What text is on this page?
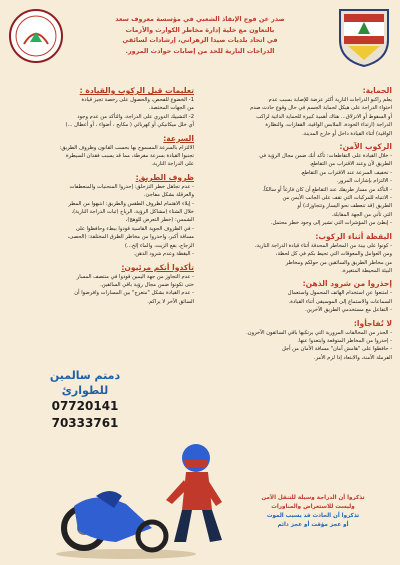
صدر عن فوج الإنقاذ الشعبي في مؤسسة معروف سعد
بالتعاون مع خلية إدارة مخاطر الكوارث والأزمات
في اتحاد بلديات صيدا الزهراني، إرشادات لسائقي
الدراجات النارية للحد من إصابات حوادث المرور.
الحماية:
يعلم راكبو الدراجات النارية أكثر عرضة للإصابة بسبب عدم
احتواء الدراجة على هيكل لحماية الجسم في حال وقوع حادث صدم
أو السقوط أو الانزلاق... هناك أهمية كبيرة للحماية الذاتية لراكب
الدراجة (ارتداء الخوذة، الملابس الواقية، القفازات، والنظارة
الواقية) أثناء القيادة داخل أو خارج المدينة.
الركوب الآمن:
- خلال القيادة على التقاطعات: تأكد أنك ضمن مجال الرؤية في
الطريق لأن وعند الاقتراب من التقاطع.
- تخفيف السرعة عند الاقتراب من التقاطع.
- الالتزام بإشارات المرور.
- التأكد من مسار طريقك عند التقاطع أن كان فارغاً أو سالكاً.
- الانتباه للمركبات التي تقف على الجانب الأيمن من
الطريق (قد تنعطف نحو اليسار وتتجاوزك) أو
التي تأتي من الجهة المقابلة.
- إبطئ من المؤشرات التي تشير إلى وجود خطر محتمل.
اليقظة أثناء الركوب:
- كونوا على بينة من المخاطر المحدقة أثناء قيادة الدراجة النارية،
ومن العوامل والمعوقات التي تحيط بكم في كل لحظة،
من مخاطر الطريق والسائقين من حولكم ومخاطر
البيئة المحيطة المتغيرة.
إحذروا من شرود الذهن:
- امتنعوا عن استخدام الهاتف المحمول واستعمال
السماعات والاستماع إلى الموسيقى أثناء القيادة.
- التفاعل مع مستخدمي الطريق الآخرين.
لا تُفاجأوا:
- الحذر من المخالفات المرورية التي يرتكبها باقي السائقون الآخرون.
- إحذروا من المخاطر المتوقعة وابتعدوا عنها.
- حافظوا على "هامش آمان" مسافة الأمان من أجل
الفرملة الآمنة، والابتعاد إذا لزم الأمر.
تعليمات قبل الركوب والقيادة :
1- الخضوع للفحص، والحصول على رخصة تجيز قيادة
من الجهات المختصة.
2- التشييك الدوري على الدراجة، والتأكد من عدم وجود
أي خلل ميكانيكي أو كهربائي ( مكابح ، أضواء ، أو أعطال ...)
السرعة:
الالتزام بالسرعة المسموح بها بحسب القانون وظروف الطريق:
تجنبوا القيادة بسرعة مفرطة، مما قد يسبب فقدان السيطرة
على الدراجة النارية.
ظروف الطريق:
- عدم تجاهل خطر التزحلق: إحذروا المنحنيات والمنعطفات
والعرقلة بشكل مفاجئ.
- إيلاء الاهتمام لظروف الطقس والطريق: انتبهوا من المطر
خلال الشتاء (مشاكل الرؤية، الرياح (ثبات الدراجة النارية)،
الشمس: (خطر التعرض للوهج)،
- في الظروف الجوية القاسية قودوا ببطء وحافظوا على
مسافة أكبر، واحذروا من مخاطر الطرق المختلفة: (الحصى،
الزجاج، بقع الزيت، والماء إلخ...)
- اليقظة وعدم شرود الذهن.
تأكدوا أنكم مرئيون:
- عدم التجاوز من جهة اليمين قودوا في منتصف المسار
حتى تكونوا ضمن مجال رؤية باقي السائقين.
- عدم القيادة بشكل "متعرج" بين المسارات وافرضوا أن
السائق الآخر لا يراكم.
دمتم سالمين
للطوارئ
07720141
70333761
تذكروا أن الدراجة وسيلة للتنقل الآمن
وليست للاستعراض والمناورات
تذكروا أن الحادث قد يسبب الموت
أو عجز مؤقت أو عجز دائم
